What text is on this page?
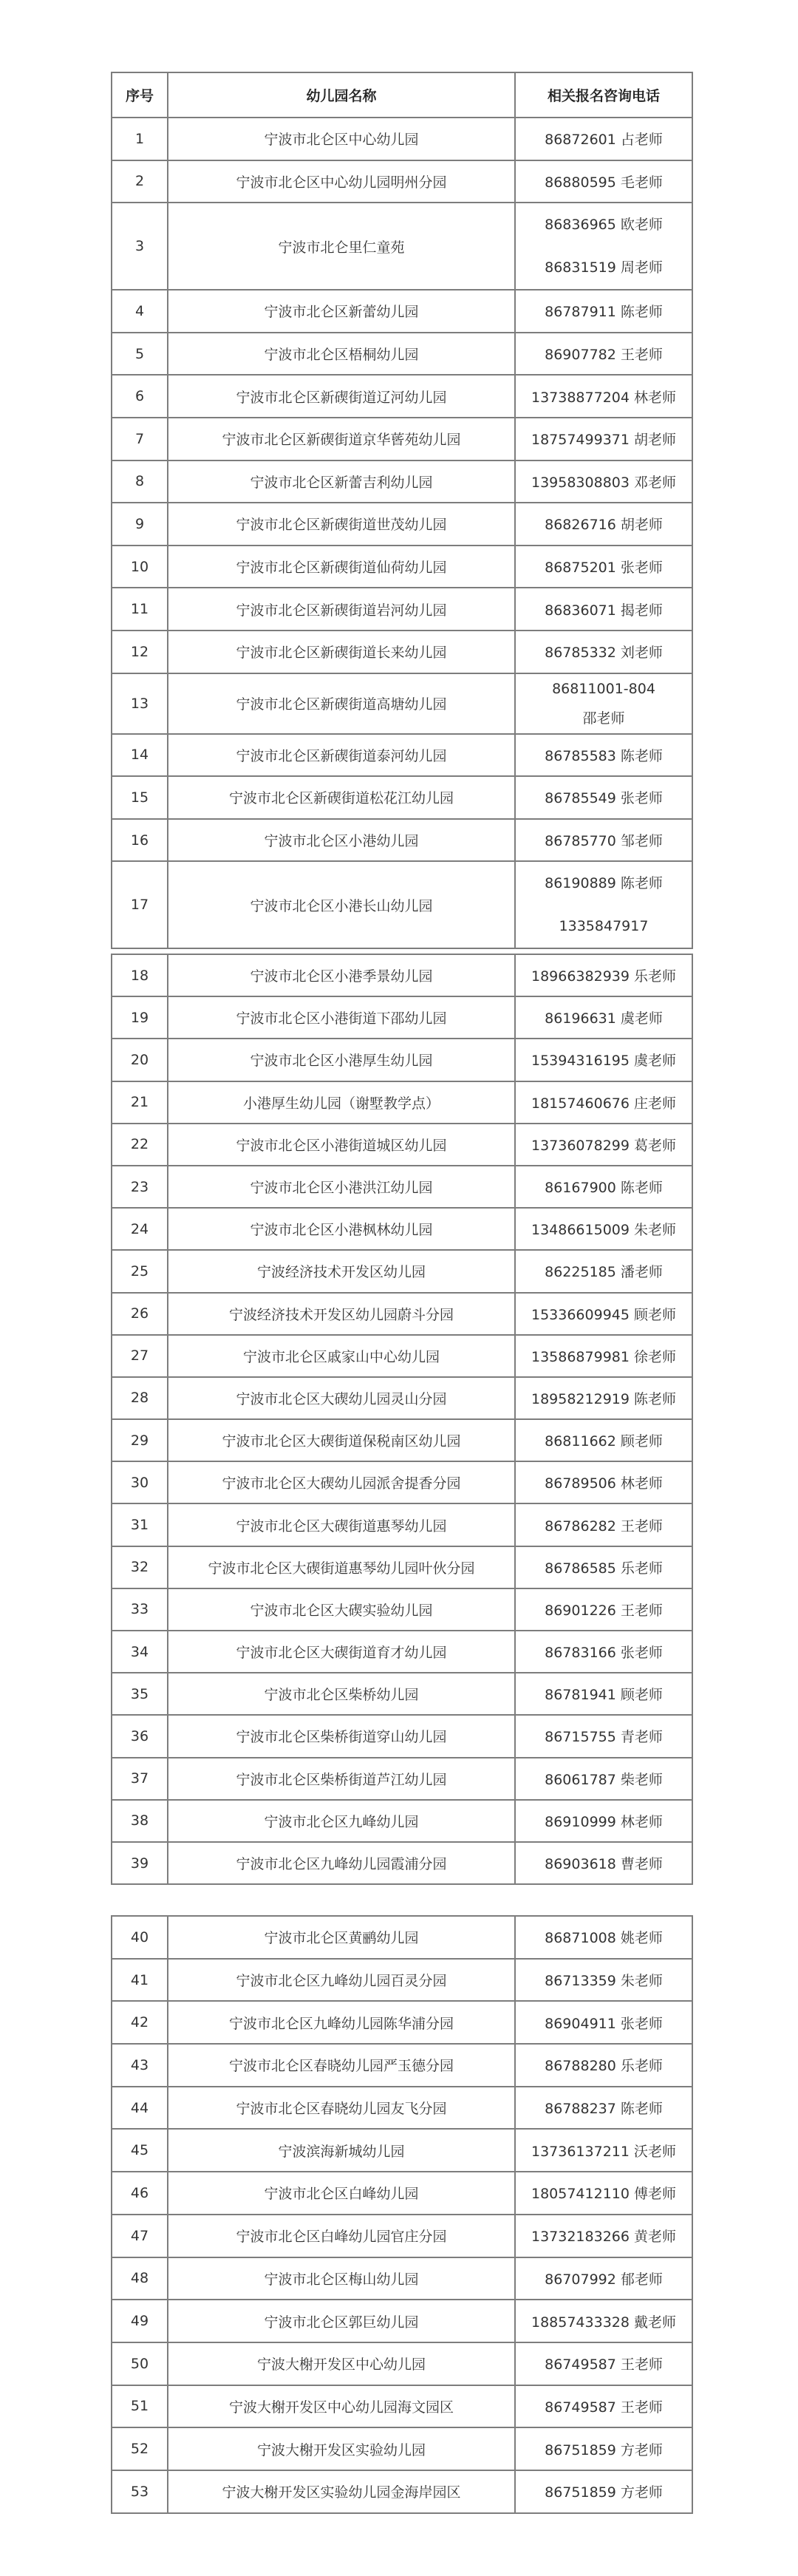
序号	幼儿园名称	相关报名咨询电话
1	宁波市北仑区中心幼儿园	86872601 占老师
2	宁波市北仑区中心幼儿园明州分园	86880595 毛老师
3	宁波市北仑里仁童苑	86836965 欧老师
86831519 周老师

4	宁波市北仑区新蕾幼儿园	86787911 陈老师
5	宁波市北仑区梧桐幼儿园	86907782 王老师
6	宁波市北仑区新碶街道辽河幼儿园	13738877204 林老师
7	宁波市北仑区新碶街道京华蒈苑幼儿园	18757499371 胡老师
8	宁波市北仑区新蕾吉利幼儿园	13958308803 邓老师
9	宁波市北仑区新碶街道世茂幼儿园	86826716 胡老师
10	宁波市北仑区新碶街道仙荷幼儿园	86875201 张老师
11	宁波市北仑区新碶街道岩河幼儿园	86836071 揭老师
12	宁波市北仑区新碶街道长来幼儿园	86785332 刘老师
13	宁波市北仑区新碶街道高塘幼儿园	86811001-804
邵老师

14	宁波市北仑区新碶街道泰河幼儿园	86785583 陈老师
15	宁波市北仑区新碶街道松花江幼儿园	86785549 张老师
16	宁波市北仑区小港幼儿园	86785770 邹老师
17	宁波市北仑区小港长山幼儿园	86190889 陈老师
1335847917
18	宁波市北仑区小港季景幼儿园	18966382939 乐老师
19	宁波市北仑区小港街道下邵幼儿园	86196631 虞老师
20	宁波市北仑区小港厚生幼儿园	15394316195 虞老师
21	小港厚生幼儿园（谢墅教学点）	18157460676 庄老师
22	宁波市北仑区小港街道城区幼儿园	13736078299 葛老师
23	宁波市北仑区小港洪江幼儿园	86167900 陈老师
24	宁波市北仑区小港枫林幼儿园	13486615009 朱老师
25	宁波经济技术开发区幼儿园	86225185 潘老师
26	宁波经济技术开发区幼儿园蔚斗分园	15336609945 顾老师
27	宁波市北仑区戚家山中心幼儿园	13586879981 徐老师
28	宁波市北仑区大碶幼儿园灵山分园	18958212919 陈老师
29	宁波市北仑区大碶街道保税南区幼儿园	86811662 顾老师
30	宁波市北仑区大碶幼儿园派舍提香分园	86789506 林老师
31	宁波市北仑区大碶街道惠琴幼儿园	86786282 王老师
32	宁波市北仑区大碶街道惠琴幼儿园叶伙分园	86786585 乐老师
33	宁波市北仑区大碶实验幼儿园	86901226 王老师
34	宁波市北仑区大碶街道育才幼儿园	86783166 张老师
35	宁波市北仑区柴桥幼儿园	86781941 顾老师
36	宁波市北仑区柴桥街道穿山幼儿园	86715755 青老师
37	宁波市北仑区柴桥街道芦江幼儿园	86061787 柴老师
38	宁波市北仑区九峰幼儿园	86910999 林老师
39	宁波市北仑区九峰幼儿园霞浦分园	86903618 曹老师
40	宁波市北仑区黄鹂幼儿园	86871008 姚老师
41	宁波市北仑区九峰幼儿园百灵分园	86713359 朱老师
42	宁波市北仑区九峰幼儿园陈华浦分园	86904911 张老师
43	宁波市北仑区春晓幼儿园严玉德分园	86788280 乐老师
44	宁波市北仑区春晓幼儿园友飞分园	86788237 陈老师
45	宁波滨海新城幼儿园	13736137211 沃老师
46	宁波市北仑区白峰幼儿园	18057412110 傅老师
47	宁波市北仑区白峰幼儿园官庄分园	13732183266 黄老师
48	宁波市北仑区梅山幼儿园	86707992 郁老师
49	宁波市北仑区郭巨幼儿园	18857433328 戴老师
50	宁波大榭开发区中心幼儿园	86749587 王老师
51	宁波大榭开发区中心幼儿园海文园区	86749587 王老师
52	宁波大榭开发区实验幼儿园	86751859 方老师
53	宁波大榭开发区实验幼儿园金海岸园区	86751859 方老师
